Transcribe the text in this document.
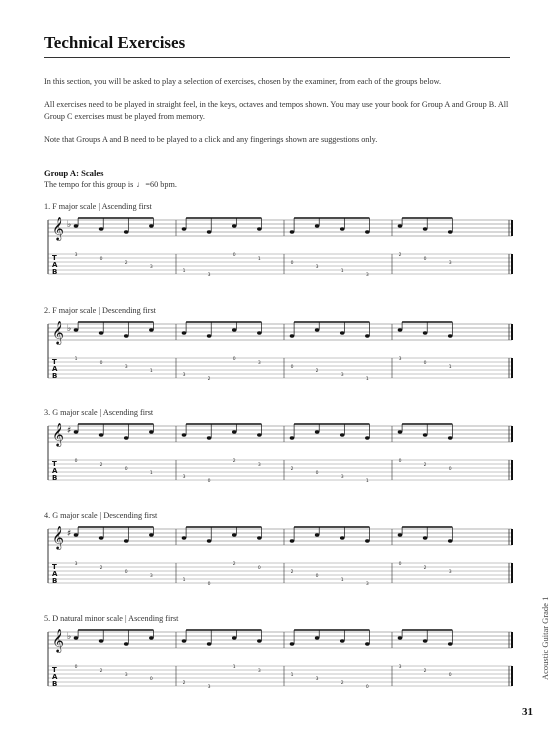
Technical Exercises
In this section, you will be asked to play a selection of exercises, chosen by the examiner, from each of the groups below.
All exercises need to be played in straight feel, in the keys, octaves and tempos shown. You may use your book for Group A and Group B. All Group C exercises must be played from memory.
Note that Groups A and B need to be played to a click and any fingerings shown are suggestions only.
Group A: Scales
The tempo for this group is ♩=60 bpm.
1. F major scale | Ascending first
𝄞 ♭
T
A
B
3
0
2
3
1
3
0
1
0
3
1
3
2
0
3
2. F major scale | Descending first
𝄞 ♭
T
A
B
1
0
3
1
3
2
0
3
0
2
3
1
3
0
1
3. G major scale | Ascending first
𝄞 ♯
T
A
B
0
2
0
1
3
0
2
3
2
0
3
1
0
2
0
4. G major scale | Descending first
𝄞 ♯
T
A
B
3
2
0
3
1
0
2
0
2
0
1
3
0
2
3
5. D natural minor scale | Ascending first
𝄞 ♭
T
A
B
0
2
3
0
2
3
1
3
1
3
2
0
3
2
0	Acoustic Guitar Grade 1
31
